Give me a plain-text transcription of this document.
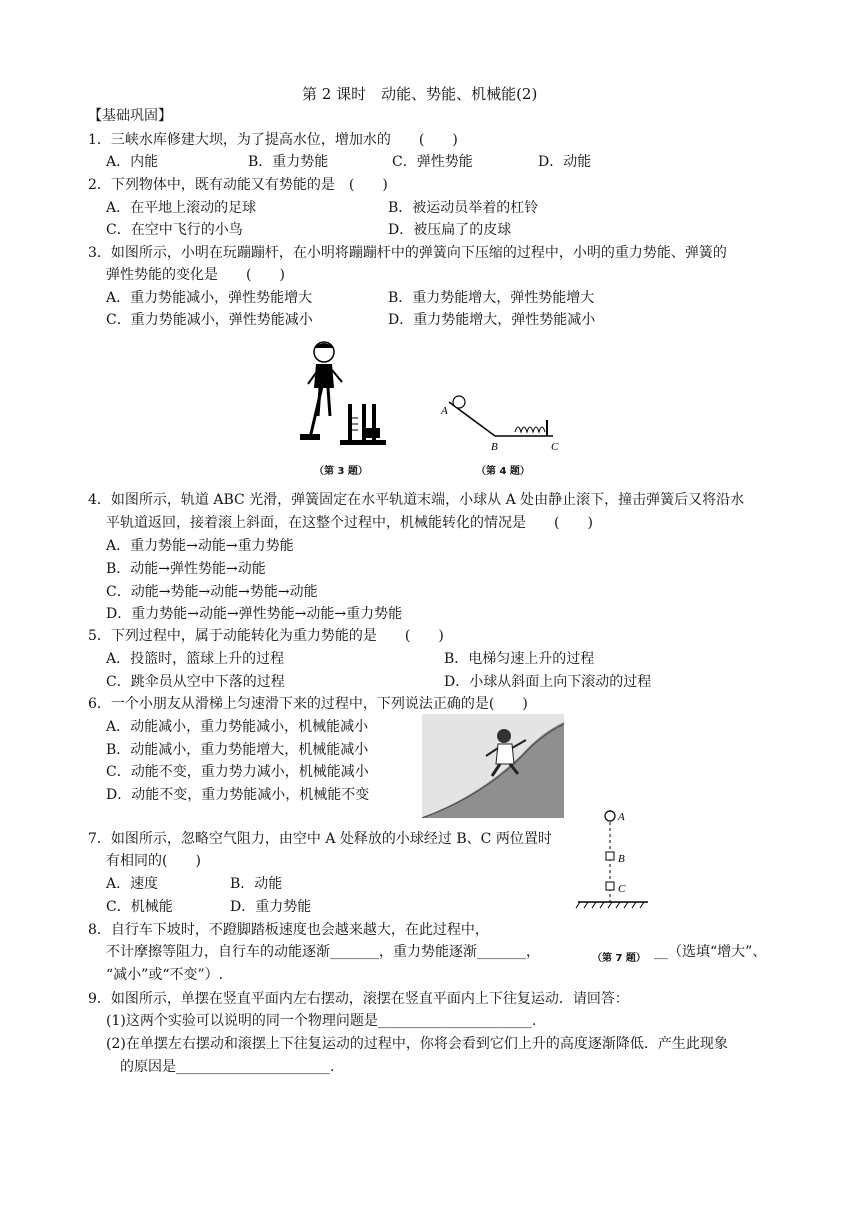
第 2 课时　动能、势能、机械能(2)
【基础巩固】
1．三峡水库修建大坝，为了提高水位，增加水的　　(　　)
A．内能	B．重力势能	C．弹性势能	D．动能
2．下列物体中，既有动能又有势能的是　(　　)
A．在平地上滚动的足球	B．被运动员举着的杠铃
C．在空中飞行的小鸟	D．被压扁了的皮球
3．如图所示，小明在玩蹦蹦杆，在小明将蹦蹦杆中的弹簧向下压缩的过程中，小明的重力势能、弹簧的
弹性势能的变化是　　(　　)
A．重力势能减小，弹性势能增大	B．重力势能增大，弹性势能增大
C．重力势能减小，弹性势能减小	D．重力势能增大，弹性势能减小
（第 3 题）
A
B	C
（第 4 题）
4．如图所示，轨道 ABC 光滑，弹簧固定在水平轨道末端，小球从 A 处由静止滚下，撞击弹簧后又将沿水
平轨道返回，接着滚上斜面，在这整个过程中，机械能转化的情况是　　(　　)
A．重力势能→动能→重力势能
B．动能→弹性势能→动能
C．动能→势能→动能→势能→动能
D．重力势能→动能→弹性势能→动能→重力势能
5．下列过程中，属于动能转化为重力势能的是　　(　　)
A．投篮时，篮球上升的过程	B．电梯匀速上升的过程
C．跳伞员从空中下落的过程	D．小球从斜面上向下滚动的过程
6．一个小朋友从滑梯上匀速滑下来的过程中，下列说法正确的是(　　)
A．动能减小，重力势能减小，机械能减小
B．动能减小，重力势能增大，机械能减小
C．动能不变，重力势力减小，机械能减小
D．动能不变，重力势能减小，机械能不变
A
B
C
（第 7 题）
7．如图所示，忽略空气阻力，由空中 A 处释放的小球经过 B、C 两位置时
有相同的(　　)
A．速度	B．动能
C．机械能	D．重力势能
8．自行车下坡时，不蹬脚踏板速度也会越来越大，在此过程中，
不计摩擦等阻力，自行车的动能逐渐_______，重力势能逐渐_______，	__（选填“增大”、
“减小”或“不变”）.
9．如图所示，单摆在竖直平面内左右摆动，滚摆在竖直平面内上下往复运动．请回答：
(1)这两个实验可以说明的同一个物理问题是______________________.
(2)在单摆左右摆动和滚摆上下往复运动的过程中，你将会看到它们上升的高度逐渐降低．产生此现象
的原因是______________________.
